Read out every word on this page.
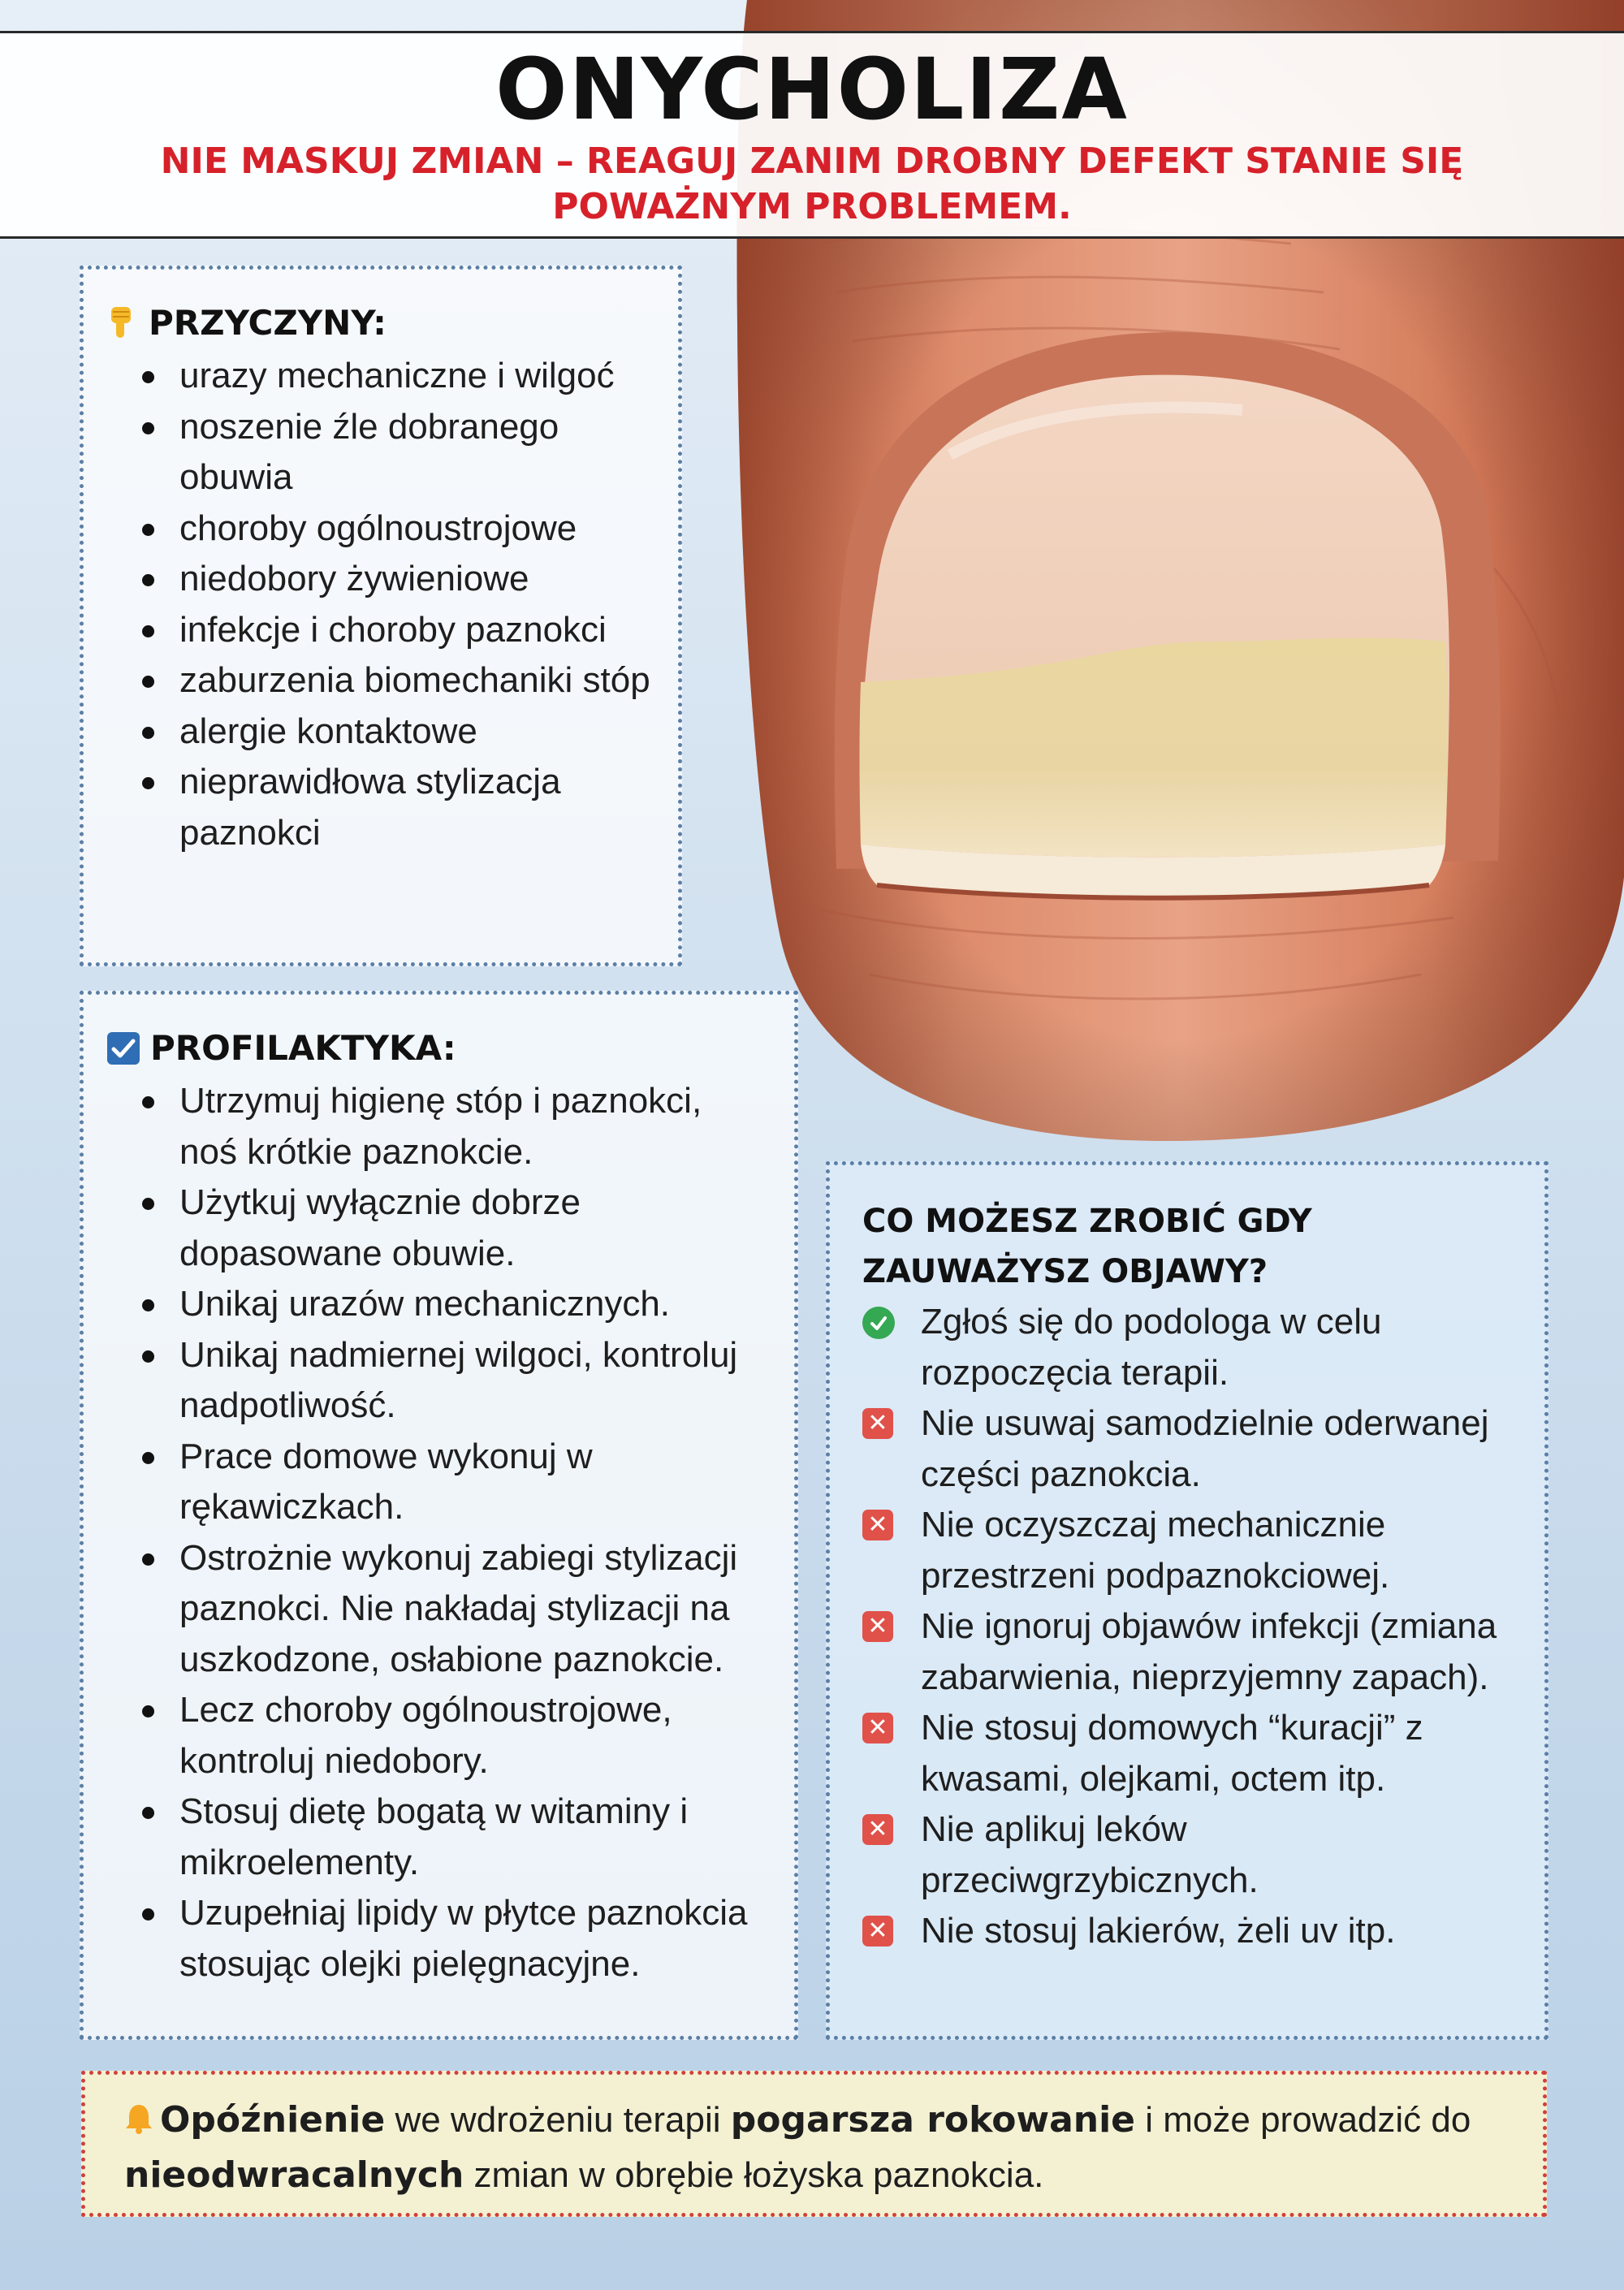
ONYCHOLIZA
NIE MASKUJ ZMIAN – REAGUJ ZANIM DROBNY DEFEKT STANIE SIĘ POWAŻNYM PROBLEMEM.
PRZYCZYNY:
urazy mechaniczne i wilgoć
noszenie źle dobranego obuwia
choroby ogólnoustrojowe
niedobory żywieniowe
infekcje i choroby paznokci
zaburzenia biomechaniki stóp
alergie kontaktowe
nieprawidłowa stylizacja paznokci
PROFILAKTYKA:
Utrzymuj higienę stóp i paznokci, noś krótkie paznokcie.
Użytkuj wyłącznie dobrze dopasowane obuwie.
Unikaj urazów mechanicznych.
Unikaj nadmiernej wilgoci, kontroluj nadpotliwość.
Prace domowe wykonuj w rękawiczkach.
Ostrożnie wykonuj zabiegi stylizacji paznokci. Nie nakładaj stylizacji na uszkodzone, osłabione paznokcie.
Lecz choroby ogólnoustrojowe, kontroluj niedobory.
Stosuj dietę bogatą w witaminy i mikroelementy.
Uzupełniaj lipidy w płytce paznokcia stosując olejki pielęgnacyjne.
CO MOŻESZ ZROBIĆ GDY ZAUWAŻYSZ OBJAWY?
Zgłoś się do podologa w celu rozpoczęcia terapii.
✕ Nie usuwaj samodzielnie oderwanej części paznokcia.
✕ Nie oczyszczaj mechanicznie przestrzeni podpaznokciowej.
✕ Nie ignoruj objawów infekcji (zmiana zabarwienia, nieprzyjemny zapach).
✕ Nie stosuj domowych “kuracji” z kwasami, olejkami, octem itp.
✕ Nie aplikuj leków przeciwgrzybicznych.
✕ Nie stosuj lakierów, żeli uv itp.
Opóźnienie we wdrożeniu terapii pogarsza rokowanie i może prowadzić do nieodwracalnych zmian w obrębie łożyska paznokcia.
